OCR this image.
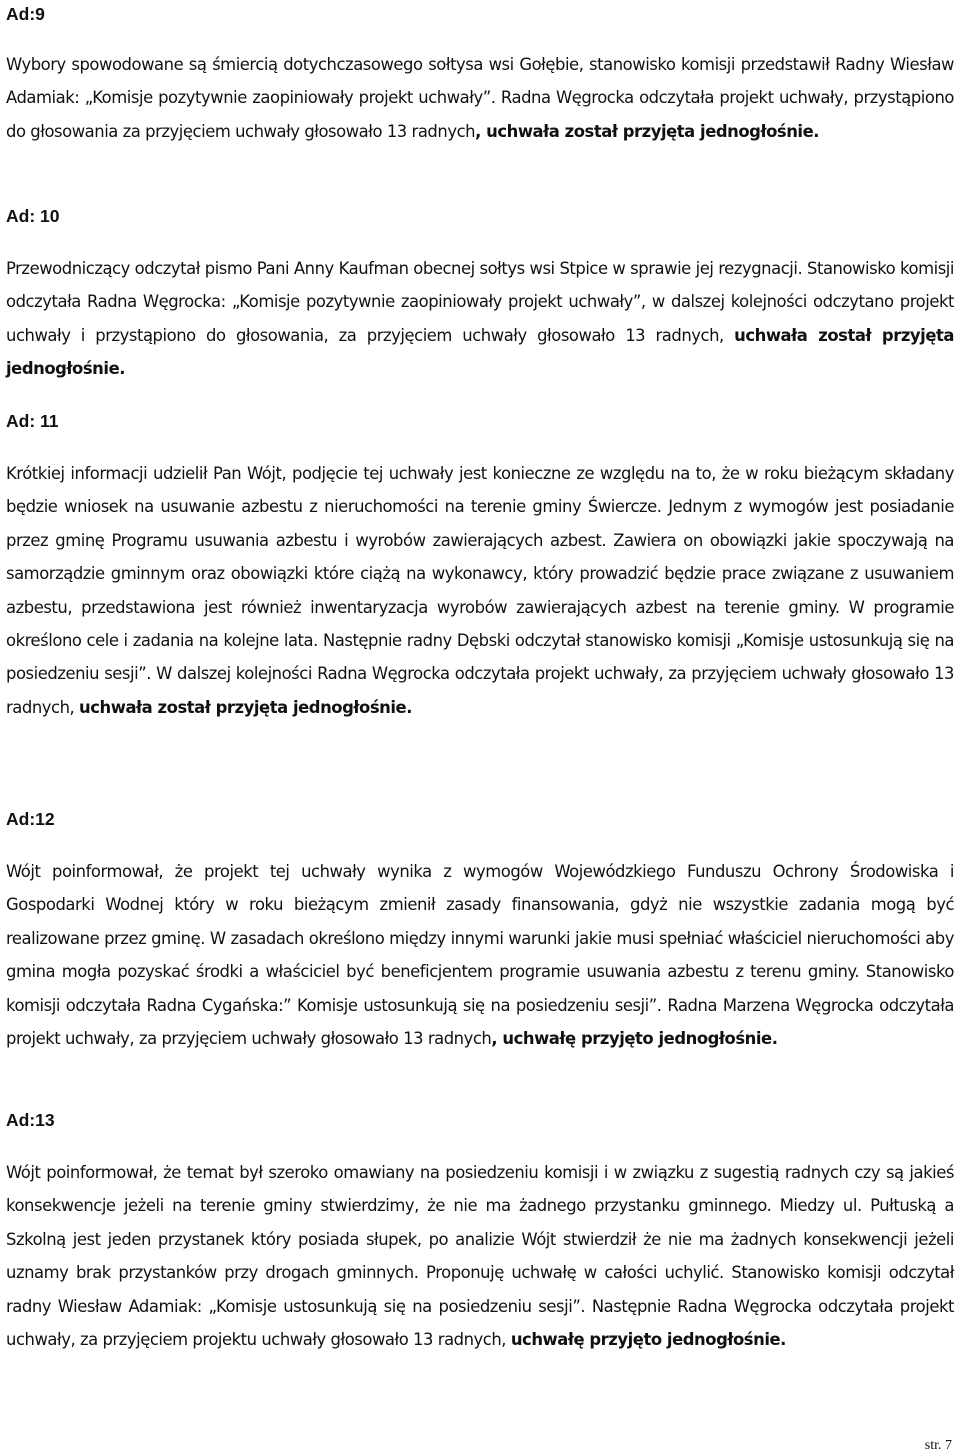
Ad:9

Wybory spowodowane są śmiercią dotychczasowego sołtysa wsi Gołębie, stanowisko komisji przedstawił Radny Wiesław Adamiak: „Komisje pozytywnie zaopiniowały projekt uchwały”. Radna Węgrocka odczytała projekt uchwały, przystąpiono do głosowania za przyjęciem uchwały głosowało 13 radnych, uchwała został przyjęta jednogłośnie.

Ad: 10

Przewodniczący odczytał pismo Pani Anny Kaufman obecnej sołtys wsi Stpice w sprawie jej rezygnacji. Stanowisko komisji odczytała Radna Węgrocka: „Komisje pozytywnie zaopiniowały projekt uchwały”, w dalszej kolejności odczytano projekt uchwały i przystąpiono do głosowania, za przyjęciem uchwały głosowało 13 radnych, uchwała został przyjęta jednogłośnie.

Ad: 11

Krótkiej informacji udzielił Pan Wójt, podjęcie tej uchwały jest konieczne ze względu na to, że w roku bieżącym składany będzie wniosek na usuwanie azbestu z nieruchomości na terenie gminy Świercze. Jednym z wymogów jest posiadanie przez gminę Programu usuwania azbestu i wyrobów zawierających azbest. Zawiera on obowiązki jakie spoczywają na samorządzie gminnym oraz obowiązki które ciążą na wykonawcy, który prowadzić będzie prace związane z usuwaniem azbestu, przedstawiona jest również inwentaryzacja wyrobów zawierających azbest na terenie gminy. W programie określono cele i zadania na kolejne lata. Następnie radny Dębski odczytał stanowisko komisji „Komisje ustosunkują się na posiedzeniu sesji”. W dalszej kolejności Radna Węgrocka odczytała projekt uchwały, za przyjęciem uchwały głosowało 13 radnych, uchwała został przyjęta jednogłośnie.

Ad:12

Wójt poinformował, że projekt tej uchwały wynika z wymogów Wojewódzkiego Funduszu Ochrony Środowiska i Gospodarki Wodnej który w roku bieżącym zmienił zasady finansowania, gdyż nie wszystkie zadania mogą być realizowane przez gminę. W zasadach określono między innymi warunki jakie musi spełniać właściciel nieruchomości aby gmina mogła pozyskać środki a właściciel być beneficjentem programie usuwania azbestu z terenu gminy. Stanowisko komisji odczytała Radna Cygańska:” Komisje ustosunkują się na posiedzeniu sesji”. Radna Marzena Węgrocka odczytała projekt uchwały, za przyjęciem uchwały głosowało 13 radnych, uchwałę przyjęto jednogłośnie.

Ad:13

Wójt poinformował, że temat był szeroko omawiany na posiedzeniu komisji i w związku z sugestią radnych czy są jakieś konsekwencje jeżeli na terenie gminy stwierdzimy, że nie ma żadnego przystanku gminnego. Miedzy ul. Pułtuską a Szkolną jest jeden przystanek który posiada słupek, po analizie Wójt stwierdził że nie ma żadnych konsekwencji jeżeli uznamy brak przystanków przy drogach gminnych. Proponuję uchwałę w całości uchylić. Stanowisko komisji odczytał radny Wiesław Adamiak: „Komisje ustosunkują się na posiedzeniu sesji”. Następnie Radna Węgrocka odczytała projekt uchwały, za przyjęciem projektu uchwały głosowało 13 radnych, uchwałę przyjęto jednogłośnie.

str. 7
